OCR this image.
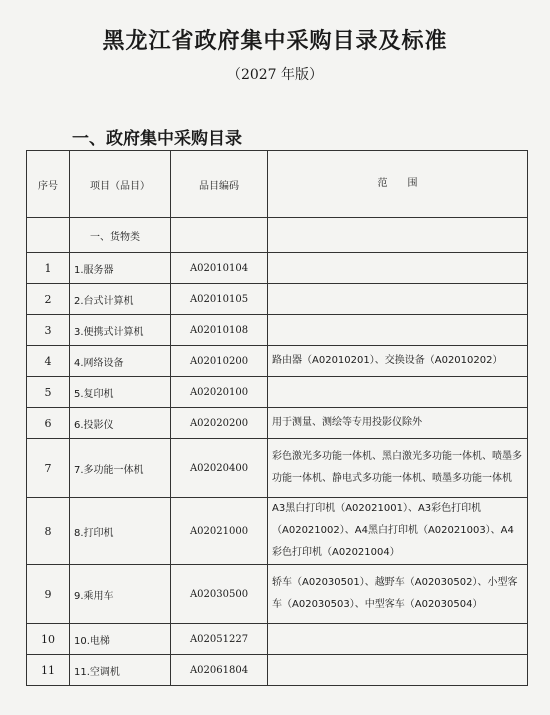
黑龙江省政府集中采购目录及标准
（2027 年版）
一、政府集中采购目录
序号	项目（品目）	品目编码	范　　围
	一、货物类		
1	1.服务器	A02010104	
2	2.台式计算机	A02010105	
3	3.便携式计算机	A02010108	
4	4.网络设备	A02010200	路由器（A02010201）、交换设备（A02010202）
5	5.复印机	A02020100	
6	6.投影仪	A02020200	用于测量、测绘等专用投影仪除外
7	7.多功能一体机	A02020400	彩色激光多功能一体机、黑白激光多功能一体机、喷墨多功能一体机、静电式多功能一体机、喷墨多功能一体机
8	8.打印机	A02021000	A3黑白打印机（A02021001）、A3彩色打印机（A02021002）、A4黑白打印机（A02021003）、A4彩色打印机（A02021004）
9	9.乘用车	A02030500	轿车（A02030501）、越野车（A02030502）、小型客车（A02030503）、中型客车（A02030504）
10	10.电梯	A02051227	
11	11.空调机	A02061804	
